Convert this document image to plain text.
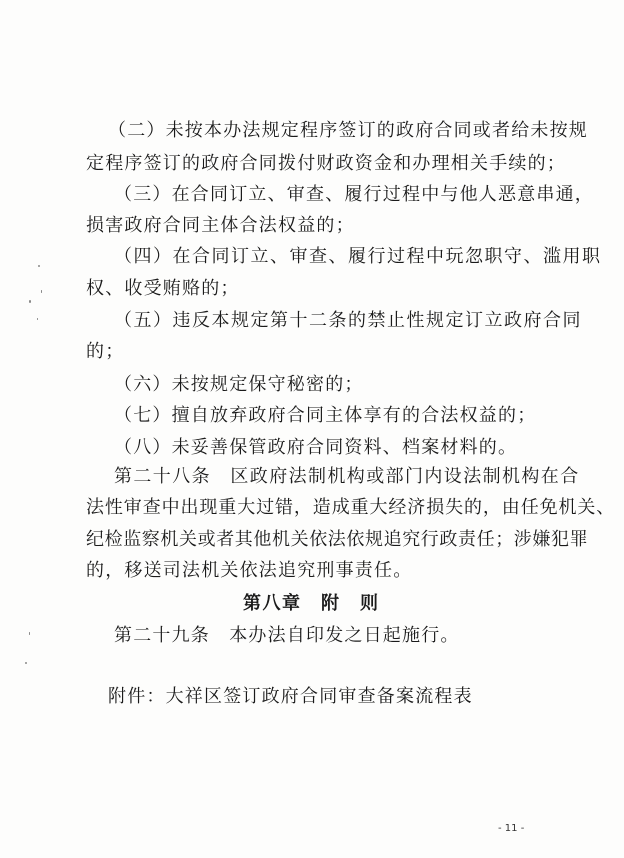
（二）未按本办法规定程序签订的政府合同或者给未按规
定程序签订的政府合同拨付财政资金和办理相关手续的；
（三）在合同订立、审查、履行过程中与他人恶意串通，
损害政府合同主体合法权益的；
（四）在合同订立、审查、履行过程中玩忽职守、滥用职
权、收受贿赂的；
（五）违反本规定第十二条的禁止性规定订立政府合同
的；
（六）未按规定保守秘密的；
（七）擅自放弃政府合同主体享有的合法权益的；
（八）未妥善保管政府合同资料、档案材料的。
第二十八条　区政府法制机构或部门内设法制机构在合
法性审查中出现重大过错，造成重大经济损失的，由任免机关、
纪检监察机关或者其他机关依法依规追究行政责任；涉嫌犯罪
的，移送司法机关依法追究刑事责任。
第八章　附　则
第二十九条　本办法自印发之日起施行。
附件：大祥区签订政府合同审查备案流程表
- 11 -
